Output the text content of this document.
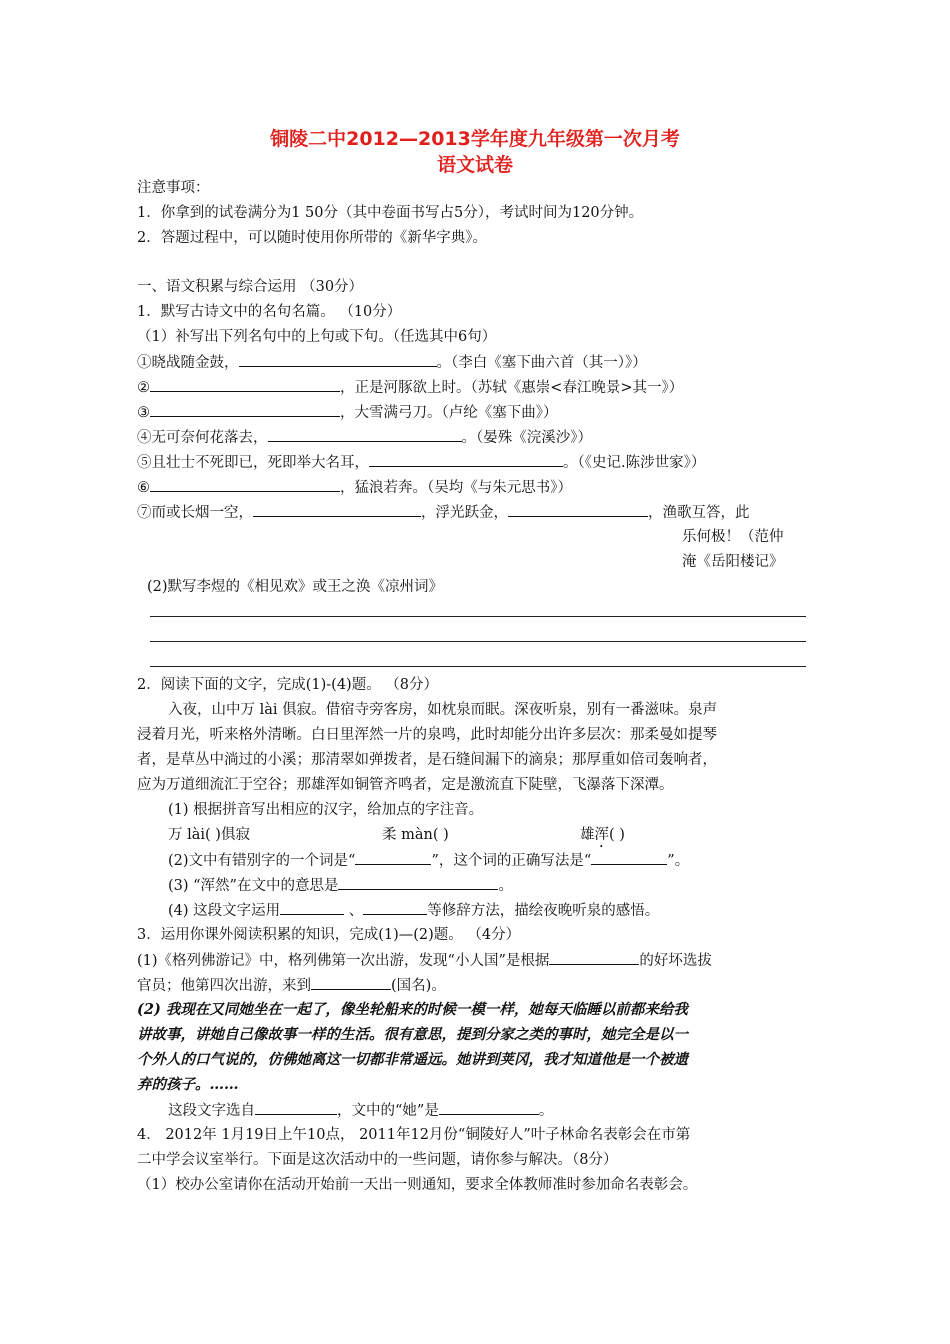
铜陵二中2012—2013学年度九年级第一次月考
语文试卷
注意事项：
1．你拿到的试卷满分为1 50分（其中卷面书写占5分），考试时间为120分钟。
2．答题过程中，可以随时使用你所带的《新华字典》。
一、语文积累与综合运用 （30分）
1．默写古诗文中的名句名篇。 （10分）
（1）补写出下列名句中的上句或下句。（任选其中6句）
①晓战随金鼓，	。（李白《塞下曲六首（其一）》）
②	，正是河豚欲上时。（苏轼《惠崇<春江晚景>其一》）
③	，大雪满弓刀。（卢纶《塞下曲》）
④无可奈何花落去，	。（晏殊《浣溪沙》）
⑤且壮士不死即已，死即举大名耳，	。（《史记.陈涉世家》）
⑥	，猛浪若奔。（吴均《与朱元思书》）
⑦而或长烟一空，	，浮光跃金，	，渔歌互答，此
乐何极！（范仲
淹《岳阳楼记》
(2)默写李煜的《相见欢》或王之涣《凉州词》
2．阅读下面的文字，完成(1)-(4)题。 （8分）
入夜，山中万 lài 俱寂。借宿寺旁客房，如枕泉而眠。深夜听泉，别有一番滋味。泉声
浸着月光，听来格外清晰。白日里浑然一片的泉鸣，此时却能分出许多层次：那柔曼如提琴
者，是草丛中淌过的小溪；那清翠如弹拨者，是石缝间漏下的滴泉；那厚重如倍司轰响者，
应为万道细流汇于空谷；那雄浑如铜管齐鸣者，定是激流直下陡壁，飞瀑落下深潭。
(1) 根据拼音写出相应的汉字，给加点的字注音。
万 lài( )俱寂	柔 màn( )	雄浑( )
(2)文中有错别字的一个词是“	”，这个词的正确写法是“	”。
(3) “浑然”在文中的意思是	。
(4) 这段文字运用	、	等修辞方法，描绘夜晚听泉的感悟。
3．运用你课外阅读积累的知识，完成(1)—(2)题。 （4分）
(1)《格列佛游记》中，格列佛第一次出游，发现“小人国”是根据	的好坏选拔
官员；他第四次出游，来到	(国名)。
(2) 我现在又同她坐在一起了，像坐轮船来的时候一模一样，她每天临睡以前都来给我
讲故事，讲她自己像故事一样的生活。很有意思，提到分家之类的事时，她完全是以一
个外人的口气说的，仿佛她离这一切都非常遥远。她讲到荚冈，我才知道他是一个被遗
弃的孩子。……
这段文字选自	，文中的“她”是	。
4． 2012年 1月19日上午10点， 2011年12月份“铜陵好人”叶子林命名表彰会在市第
二中学会议室举行。下面是这次活动中的一些问题，请你参与解决。（8分）
（1）校办公室请你在活动开始前一天出一则通知，要求全体教师准时参加命名表彰会。
